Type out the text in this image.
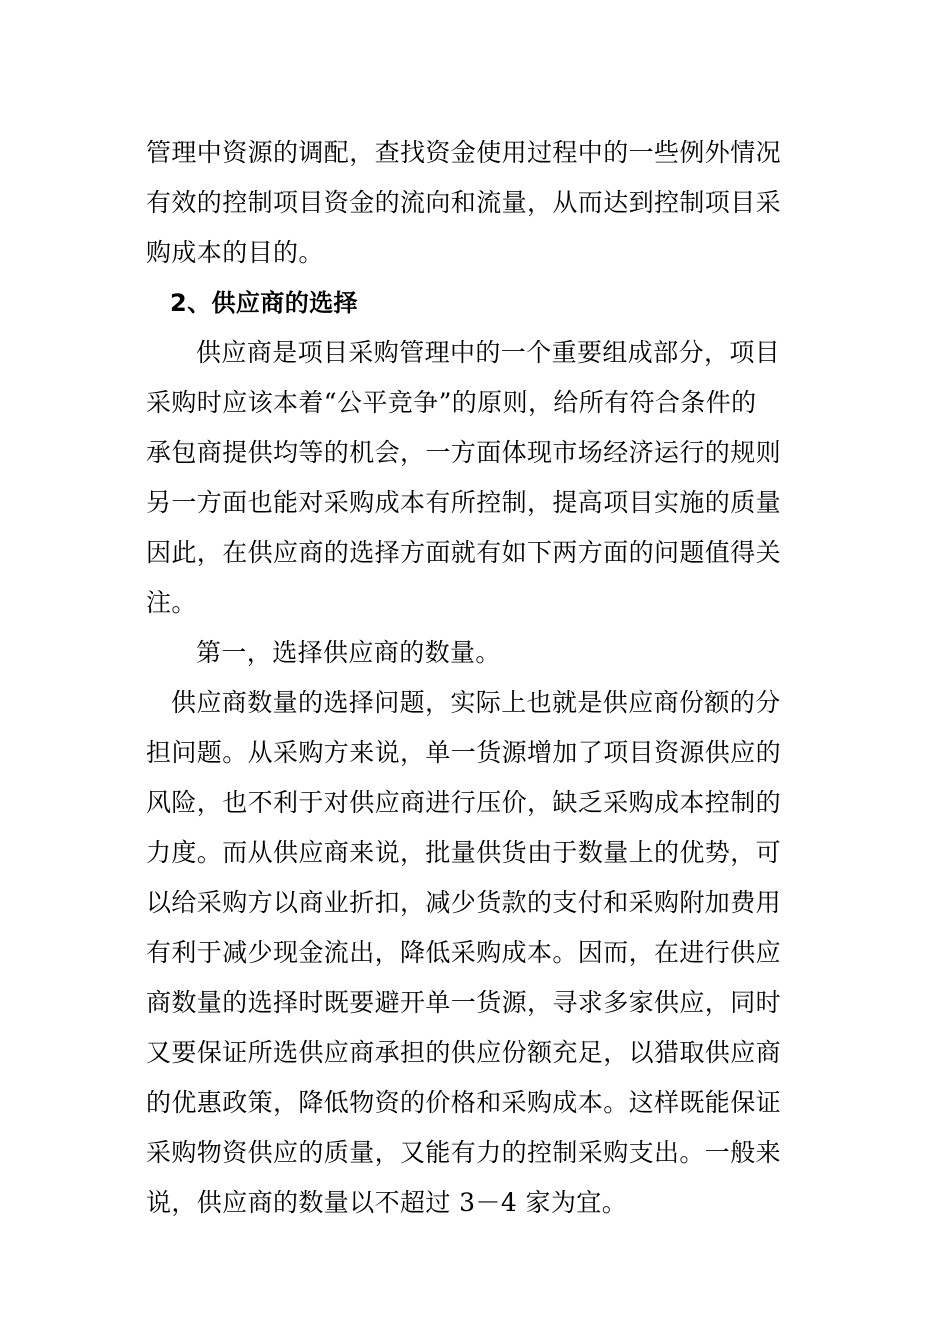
管理中资源的调配，查找资金使用过程中的一些例外情况
有效的控制项目资金的流向和流量，从而达到控制项目采
购成本的目的。
2、供应商的选择
供应商是项目采购管理中的一个重要组成部分，项目
采购时应该本着“公平竞争”的原则，给所有符合条件的
承包商提供均等的机会，一方面体现市场经济运行的规则
另一方面也能对采购成本有所控制，提高项目实施的质量
因此，在供应商的选择方面就有如下两方面的问题值得关
注。
第一，选择供应商的数量。
供应商数量的选择问题，实际上也就是供应商份额的分
担问题。从采购方来说，单一货源增加了项目资源供应的
风险，也不利于对供应商进行压价，缺乏采购成本控制的
力度。而从供应商来说，批量供货由于数量上的优势，可
以给采购方以商业折扣，减少货款的支付和采购附加费用
有利于减少现金流出，降低采购成本。因而，在进行供应
商数量的选择时既要避开单一货源，寻求多家供应，同时
又要保证所选供应商承担的供应份额充足，以猎取供应商
的优惠政策，降低物资的价格和采购成本。这样既能保证
采购物资供应的质量，又能有力的控制采购支出。一般来
说，供应商的数量以不超过 3－4 家为宜。
